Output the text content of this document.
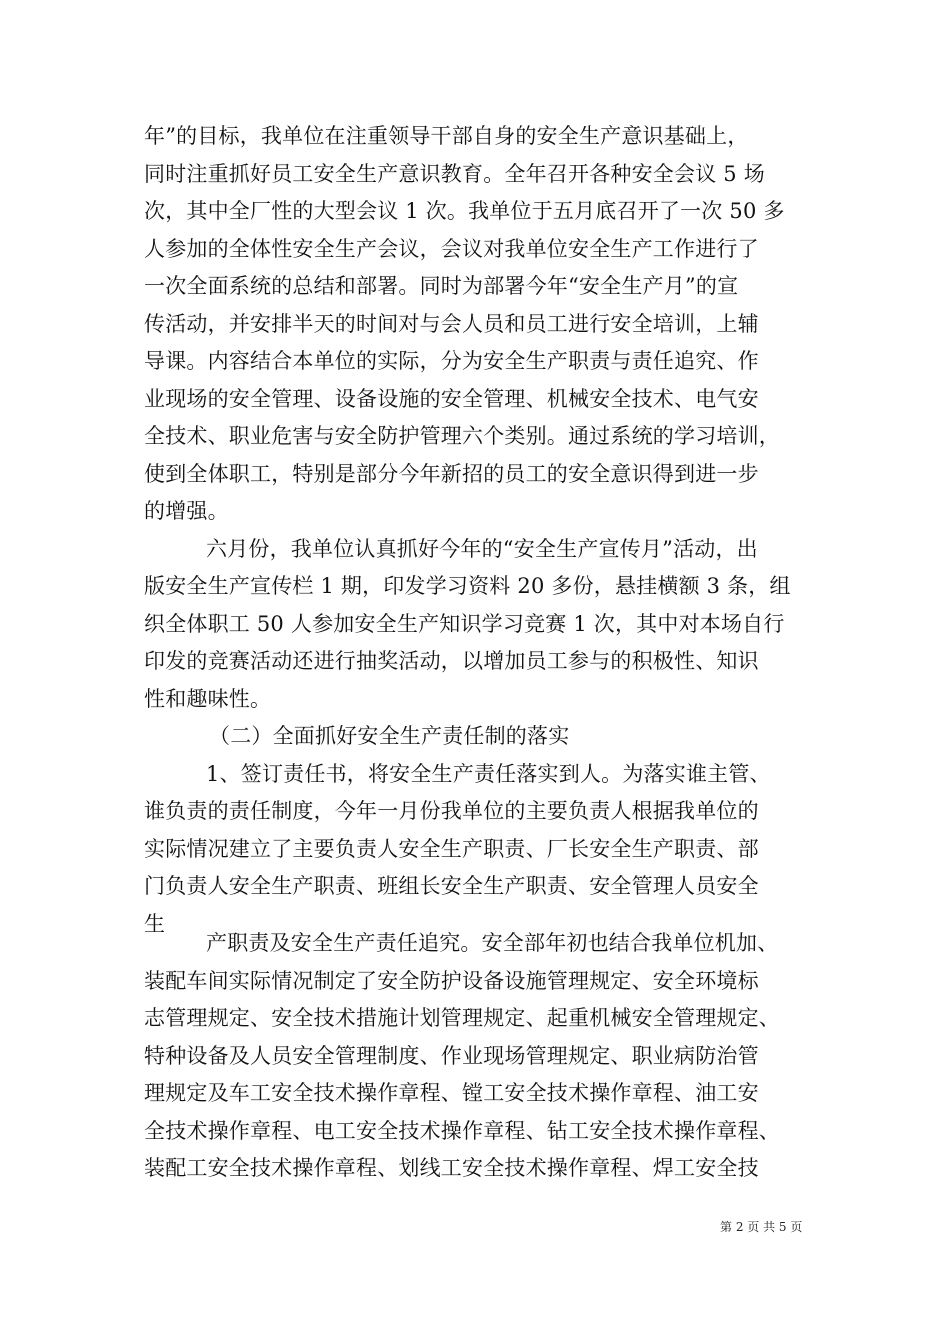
年”的目标，我单位在注重领导干部自身的安全生产意识基础上，
同时注重抓好员工安全生产意识教育。全年召开各种安全会议 5 场
次，其中全厂性的大型会议 1 次。我单位于五月底召开了一次 50 多
人参加的全体性安全生产会议，会议对我单位安全生产工作进行了
一次全面系统的总结和部署。同时为部署今年“安全生产月”的宣
传活动，并安排半天的时间对与会人员和员工进行安全培训，上辅
导课。内容结合本单位的实际，分为安全生产职责与责任追究、作
业现场的安全管理、设备设施的安全管理、机械安全技术、电气安
全技术、职业危害与安全防护管理六个类别。通过系统的学习培训，
使到全体职工，特别是部分今年新招的员工的安全意识得到进一步
的增强。
六月份，我单位认真抓好今年的“安全生产宣传月”活动，出
版安全生产宣传栏 1 期，印发学习资料 20 多份，悬挂横额 3 条，组
织全体职工 50 人参加安全生产知识学习竞赛 1 次，其中对本场自行
印发的竞赛活动还进行抽奖活动，以增加员工参与的积极性、知识
性和趣味性。
（二）全面抓好安全生产责任制的落实
1、签订责任书，将安全生产责任落实到人。为落实谁主管、
谁负责的责任制度，今年一月份我单位的主要负责人根据我单位的
实际情况建立了主要负责人安全生产职责、厂长安全生产职责、部
门负责人安全生产职责、班组长安全生产职责、安全管理人员安全
生
产职责及安全生产责任追究。安全部年初也结合我单位机加、
装配车间实际情况制定了安全防护设备设施管理规定、安全环境标
志管理规定、安全技术措施计划管理规定、起重机械安全管理规定、
特种设备及人员安全管理制度、作业现场管理规定、职业病防治管
理规定及车工安全技术操作章程、镗工安全技术操作章程、油工安
全技术操作章程、电工安全技术操作章程、钻工安全技术操作章程、
装配工安全技术操作章程、划线工安全技术操作章程、焊工安全技
第 2 页 共 5 页
